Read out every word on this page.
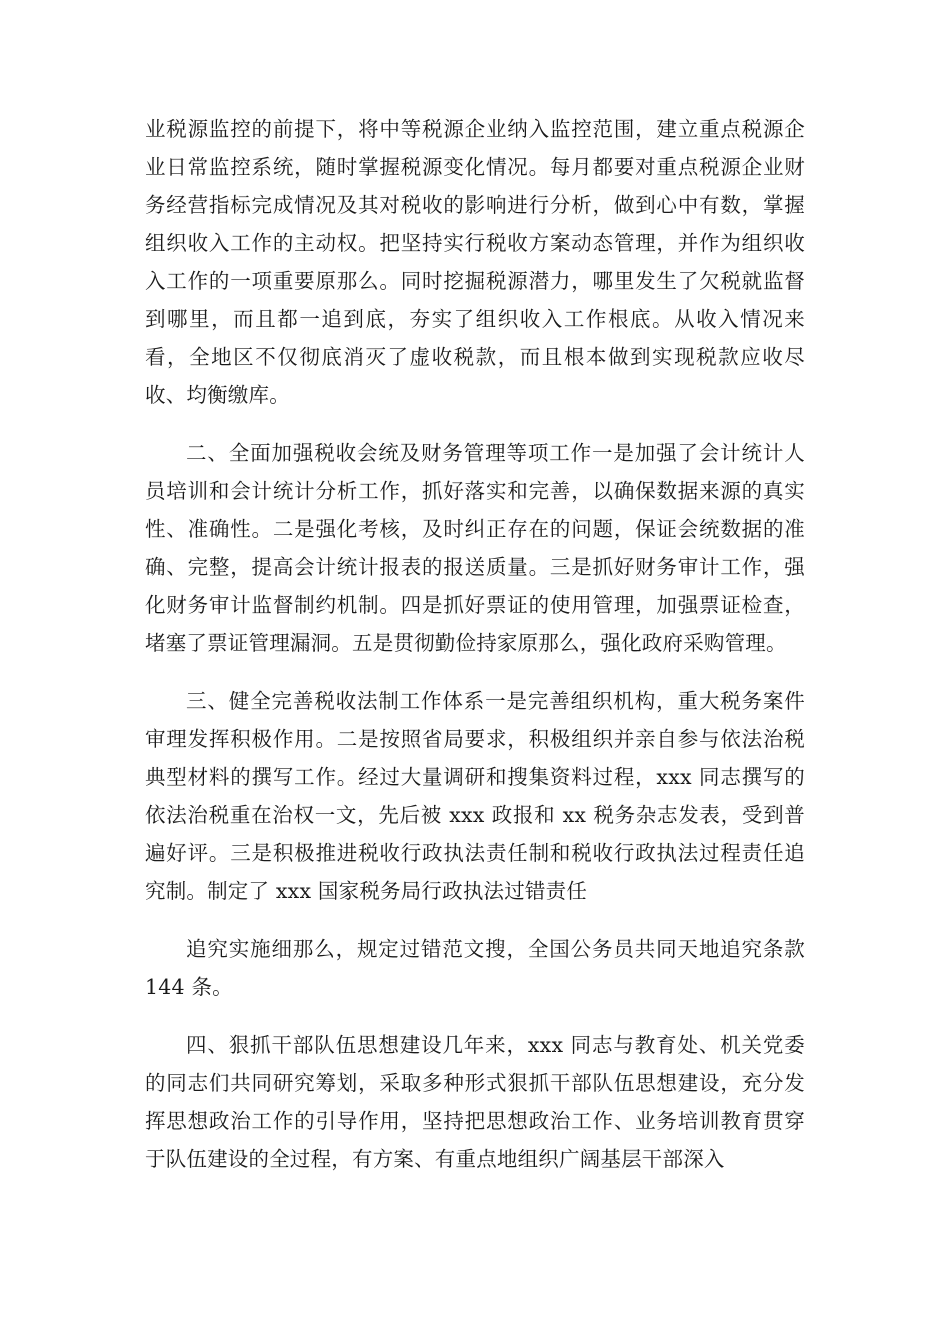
业税源监控的前提下，将中等税源企业纳入监控范围，建立重点税源企业日常监控系统，随时掌握税源变化情况。每月都要对重点税源企业财务经营指标完成情况及其对税收的影响进行分析，做到心中有数，掌握组织收入工作的主动权。把坚持实行税收方案动态管理，并作为组织收入工作的一项重要原那么。同时挖掘税源潜力，哪里发生了欠税就监督到哪里，而且都一追到底，夯实了组织收入工作根底。从收入情况来看，全地区不仅彻底消灭了虚收税款，而且根本做到实现税款应收尽收、均衡缴库。

二、全面加强税收会统及财务管理等项工作一是加强了会计统计人员培训和会计统计分析工作，抓好落实和完善，以确保数据来源的真实性、准确性。二是强化考核，及时纠正存在的问题，保证会统数据的准确、完整，提高会计统计报表的报送质量。三是抓好财务审计工作，强化财务审计监督制约机制。四是抓好票证的使用管理，加强票证检查，堵塞了票证管理漏洞。五是贯彻勤俭持家原那么，强化政府采购管理。

三、健全完善税收法制工作体系一是完善组织机构，重大税务案件审理发挥积极作用。二是按照省局要求，积极组织并亲自参与依法治税典型材料的撰写工作。经过大量调研和搜集资料过程，xxx 同志撰写的依法治税重在治权一文，先后被 xxx 政报和 xx 税务杂志发表，受到普遍好评。三是积极推进税收行政执法责任制和税收行政执法过程责任追究制。制定了 xxx 国家税务局行政执法过错责任

追究实施细那么，规定过错范文搜，全国公务员共同天地追究条款144 条。

四、狠抓干部队伍思想建设几年来，xxx 同志与教育处、机关党委的同志们共同研究筹划，采取多种形式狠抓干部队伍思想建设，充分发挥思想政治工作的引导作用，坚持把思想政治工作、业务培训教育贯穿于队伍建设的全过程，有方案、有重点地组织广阔基层干部深入
